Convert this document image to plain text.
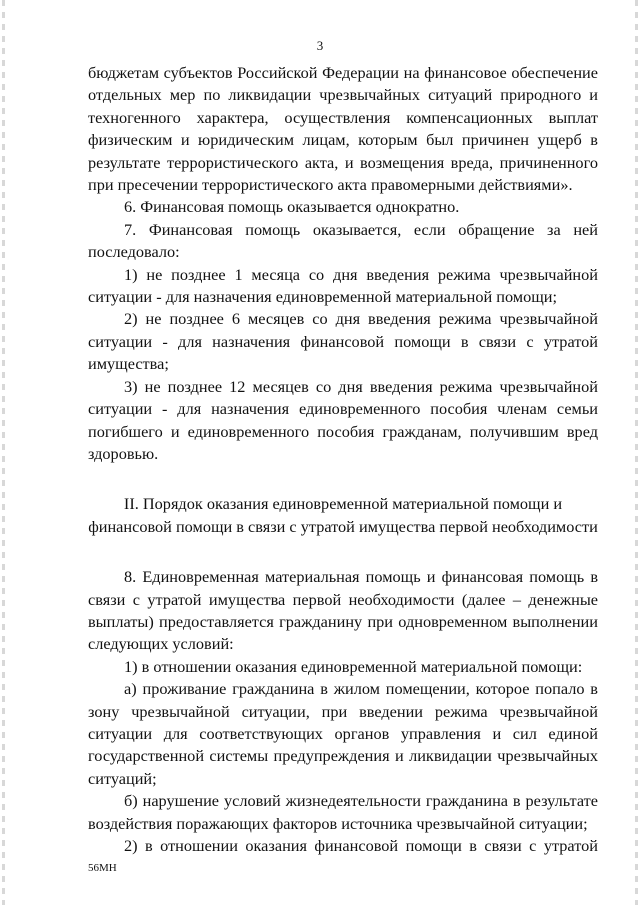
3

бюджетам субъектов Российской Федерации на финансовое обеспечение отдельных мер по ликвидации чрезвычайных ситуаций природного и техногенного характера, осуществления компенсационных выплат физическим и юридическим лицам, которым был причинен ущерб в результате террористического акта, и возмещения вреда, причиненного при пресечении террористического акта правомерными действиями».

6. Финансовая помощь оказывается однократно.

7. Финансовая помощь оказывается, если обращение за ней последовало:

1) не позднее 1 месяца со дня введения режима чрезвычайной ситуации - для назначения единовременной материальной помощи;

2) не позднее 6 месяцев со дня введения режима чрезвычайной ситуации - для назначения финансовой помощи в связи с утратой имущества;

3) не позднее 12 месяцев со дня введения режима чрезвычайной ситуации - для назначения единовременного пособия членам семьи погибшего и единовременного пособия гражданам, получившим вред здоровью.

II. Порядок оказания единовременной материальной помощи и
финансовой помощи в связи с утратой имущества первой необходимости

8. Единовременная материальная помощь и финансовая помощь в связи с утратой имущества первой необходимости (далее – денежные выплаты) предоставляется гражданину при одновременном выполнении следующих условий:

1) в отношении оказания единовременной материальной помощи:

а) проживание гражданина в жилом помещении, которое попало в зону чрезвычайной ситуации, при введении режима чрезвычайной ситуации для соответствующих органов управления и сил единой государственной системы предупреждения и ликвидации чрезвычайных ситуаций;

б) нарушение условий жизнедеятельности гражданина в результате воздействия поражающих факторов источника чрезвычайной ситуации;

2) в отношении оказания финансовой помощи в связи с утратой

56МН
